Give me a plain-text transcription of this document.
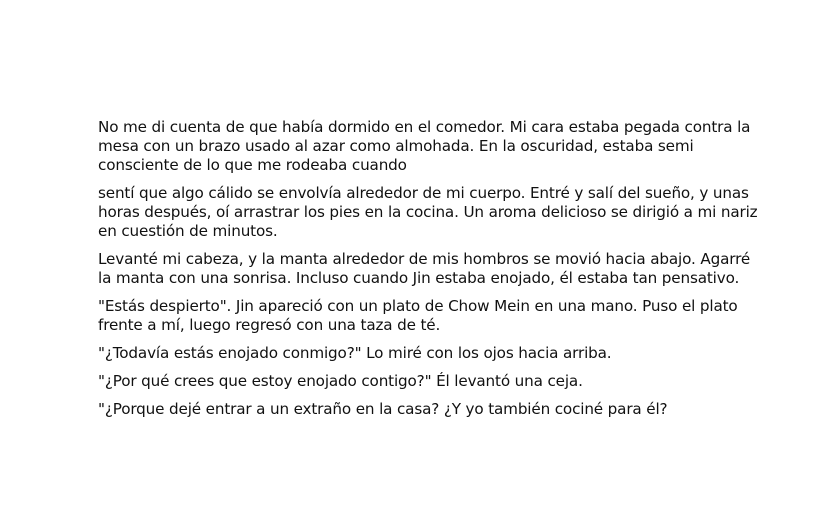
No me di cuenta de que había dormido en el comedor. Mi cara estaba pegada contra la mesa con un brazo usado al azar como almohada. En la oscuridad, estaba semi consciente de lo que me rodeaba cuando

sentí que algo cálido se envolvía alrededor de mi cuerpo. Entré y salí del sueño, y unas horas después, oí arrastrar los pies en la cocina. Un aroma delicioso se dirigió a mi nariz en cuestión de minutos.

Levanté mi cabeza, y la manta alrededor de mis hombros se movió hacia abajo. Agarré la manta con una sonrisa. Incluso cuando Jin estaba enojado, él estaba tan pensativo.

"Estás despierto". Jin apareció con un plato de Chow Mein en una mano. Puso el plato frente a mí, luego regresó con una taza de té.

"¿Todavía estás enojado conmigo?" Lo miré con los ojos hacia arriba.

"¿Por qué crees que estoy enojado contigo?" Él levantó una ceja.

"¿Porque dejé entrar a un extraño en la casa? ¿Y yo también cociné para él?
